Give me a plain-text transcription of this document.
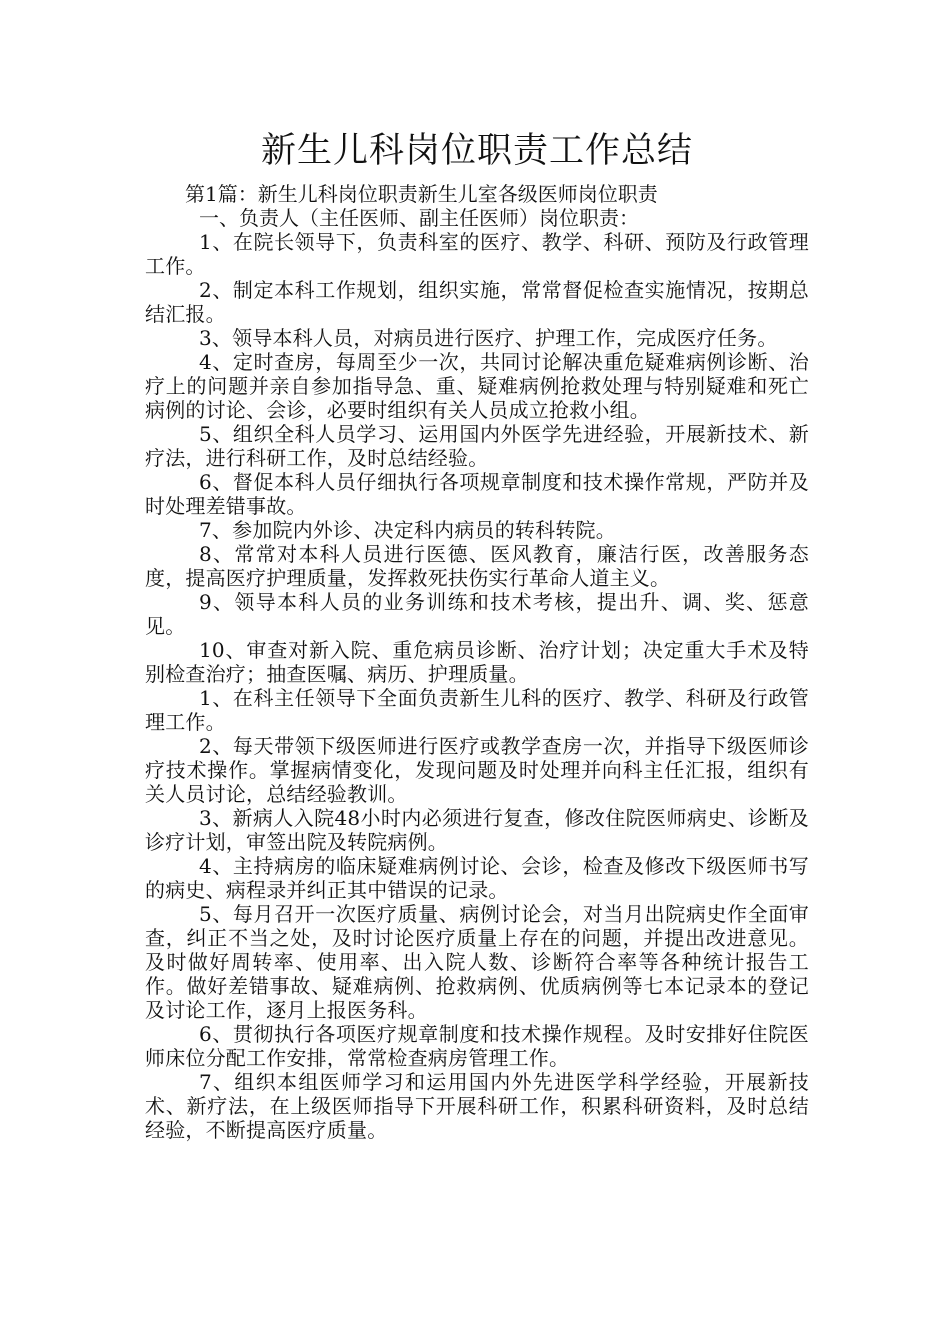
新生儿科岗位职责工作总结

第1篇：新生儿科岗位职责新生儿室各级医师岗位职责

一、负责人（主任医师、副主任医师）岗位职责：

1、在院长领导下，负责科室的医疗、教学、科研、预防及行政管理工作。

2、制定本科工作规划，组织实施，常常督促检查实施情况，按期总结汇报。

3、领导本科人员，对病员进行医疗、护理工作，完成医疗任务。

4、定时查房，每周至少一次，共同讨论解决重危疑难病例诊断、治疗上的问题并亲自参加指导急、重、疑难病例抢救处理与特别疑难和死亡病例的讨论、会诊，必要时组织有关人员成立抢救小组。

5、组织全科人员学习、运用国内外医学先进经验，开展新技术、新疗法，进行科研工作，及时总结经验。

6、督促本科人员仔细执行各项规章制度和技术操作常规，严防并及时处理差错事故。

7、参加院内外诊、决定科内病员的转科转院。

8、常常对本科人员进行医德、医风教育，廉洁行医，改善服务态度，提高医疗护理质量，发挥救死扶伤实行革命人道主义。

9、领导本科人员的业务训练和技术考核，提出升、调、奖、惩意见。

10、审查对新入院、重危病员诊断、治疗计划；决定重大手术及特别检查治疗；抽查医嘱、病历、护理质量。

1、在科主任领导下全面负责新生儿科的医疗、教学、科研及行政管理工作。

2、每天带领下级医师进行医疗或教学查房一次，并指导下级医师诊疗技术操作。掌握病情变化，发现问题及时处理并向科主任汇报，组织有关人员讨论，总结经验教训。

3、新病人入院48小时内必须进行复查，修改住院医师病史、诊断及诊疗计划，审签出院及转院病例。

4、主持病房的临床疑难病例讨论、会诊，检查及修改下级医师书写的病史、病程录并纠正其中错误的记录。

5、每月召开一次医疗质量、病例讨论会，对当月出院病史作全面审查，纠正不当之处，及时讨论医疗质量上存在的问题，并提出改进意见。及时做好周转率、使用率、出入院人数、诊断符合率等各种统计报告工作。做好差错事故、疑难病例、抢救病例、优质病例等七本记录本的登记及讨论工作，逐月上报医务科。

6、贯彻执行各项医疗规章制度和技术操作规程。及时安排好住院医师床位分配工作安排，常常检查病房管理工作。

7、组织本组医师学习和运用国内外先进医学科学经验，开展新技术、新疗法，在上级医师指导下开展科研工作，积累科研资料，及时总结经验，不断提高医疗质量。
